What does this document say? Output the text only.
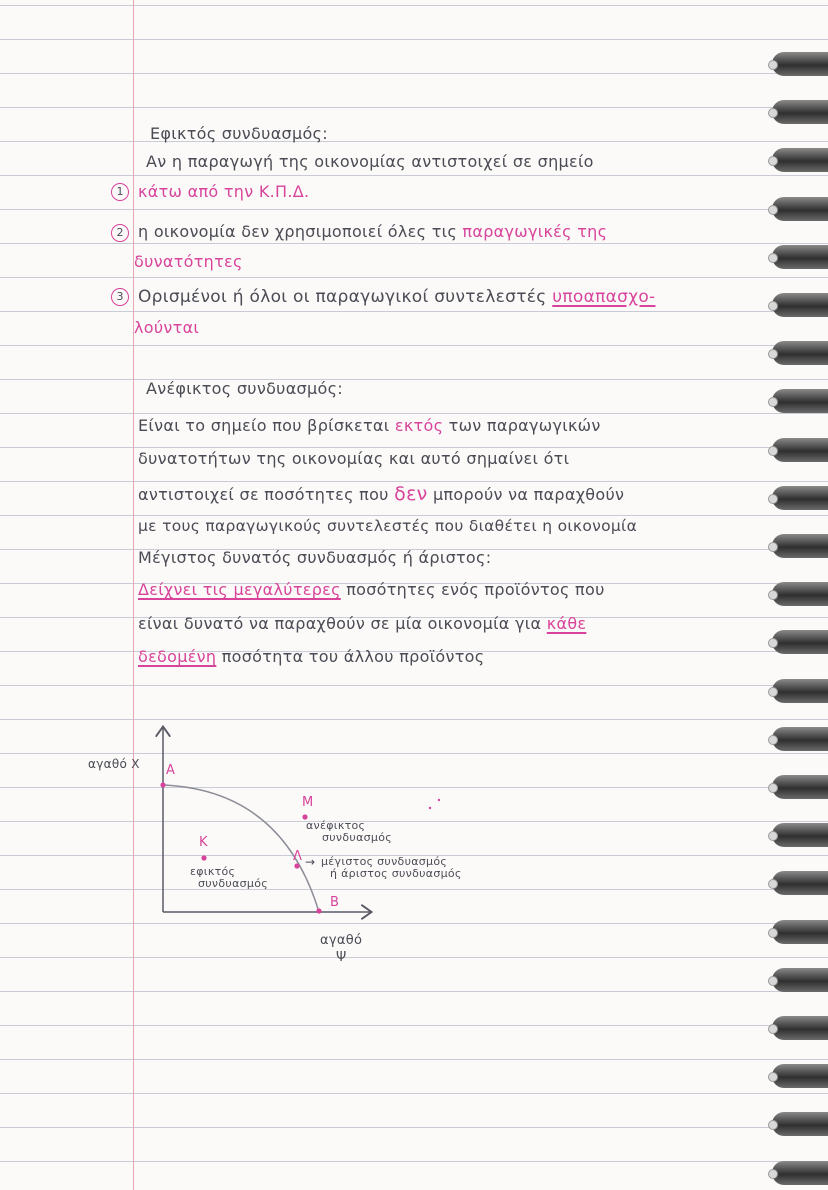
Εφικτός συνδυασμός:
Αν η παραγωγή της οικονομίας αντιστοιχεί σε σημείο
1 κάτω από την Κ.Π.Δ.
2 η οικονομία δεν χρησιμοποιεί όλες τις παραγωγικές της
δυνατότητες
3 Ορισμένοι ή όλοι οι παραγωγικοί συντελεστές υποαπασχο-
λούνται
Ανέφικτος συνδυασμός:
Είναι το σημείο που βρίσκεται εκτός των παραγωγικών
δυνατοτήτων της οικονομίας και αυτό σημαίνει ότι
αντιστοιχεί σε ποσότητες που δεν μπορούν να παραχθούν
με τους παραγωγικούς συντελεστές που διαθέτει η οικονομία
Μέγιστος δυνατός συνδυασμός ή άριστος:
Δείχνει τις μεγαλύτερες ποσότητες ενός προϊόντος που
είναι δυνατό να παραχθούν σε μία οικονομία για κάθε
δεδομένη ποσότητα του άλλου προϊόντος
αγαθό X A
B
K
M
Λ
εφικτός
συνδυασμός
ανέφικτος
συνδυασμός
→ μέγιστος συνδυασμός
ή άριστος συνδυασμός
αγαθό
Ψ
